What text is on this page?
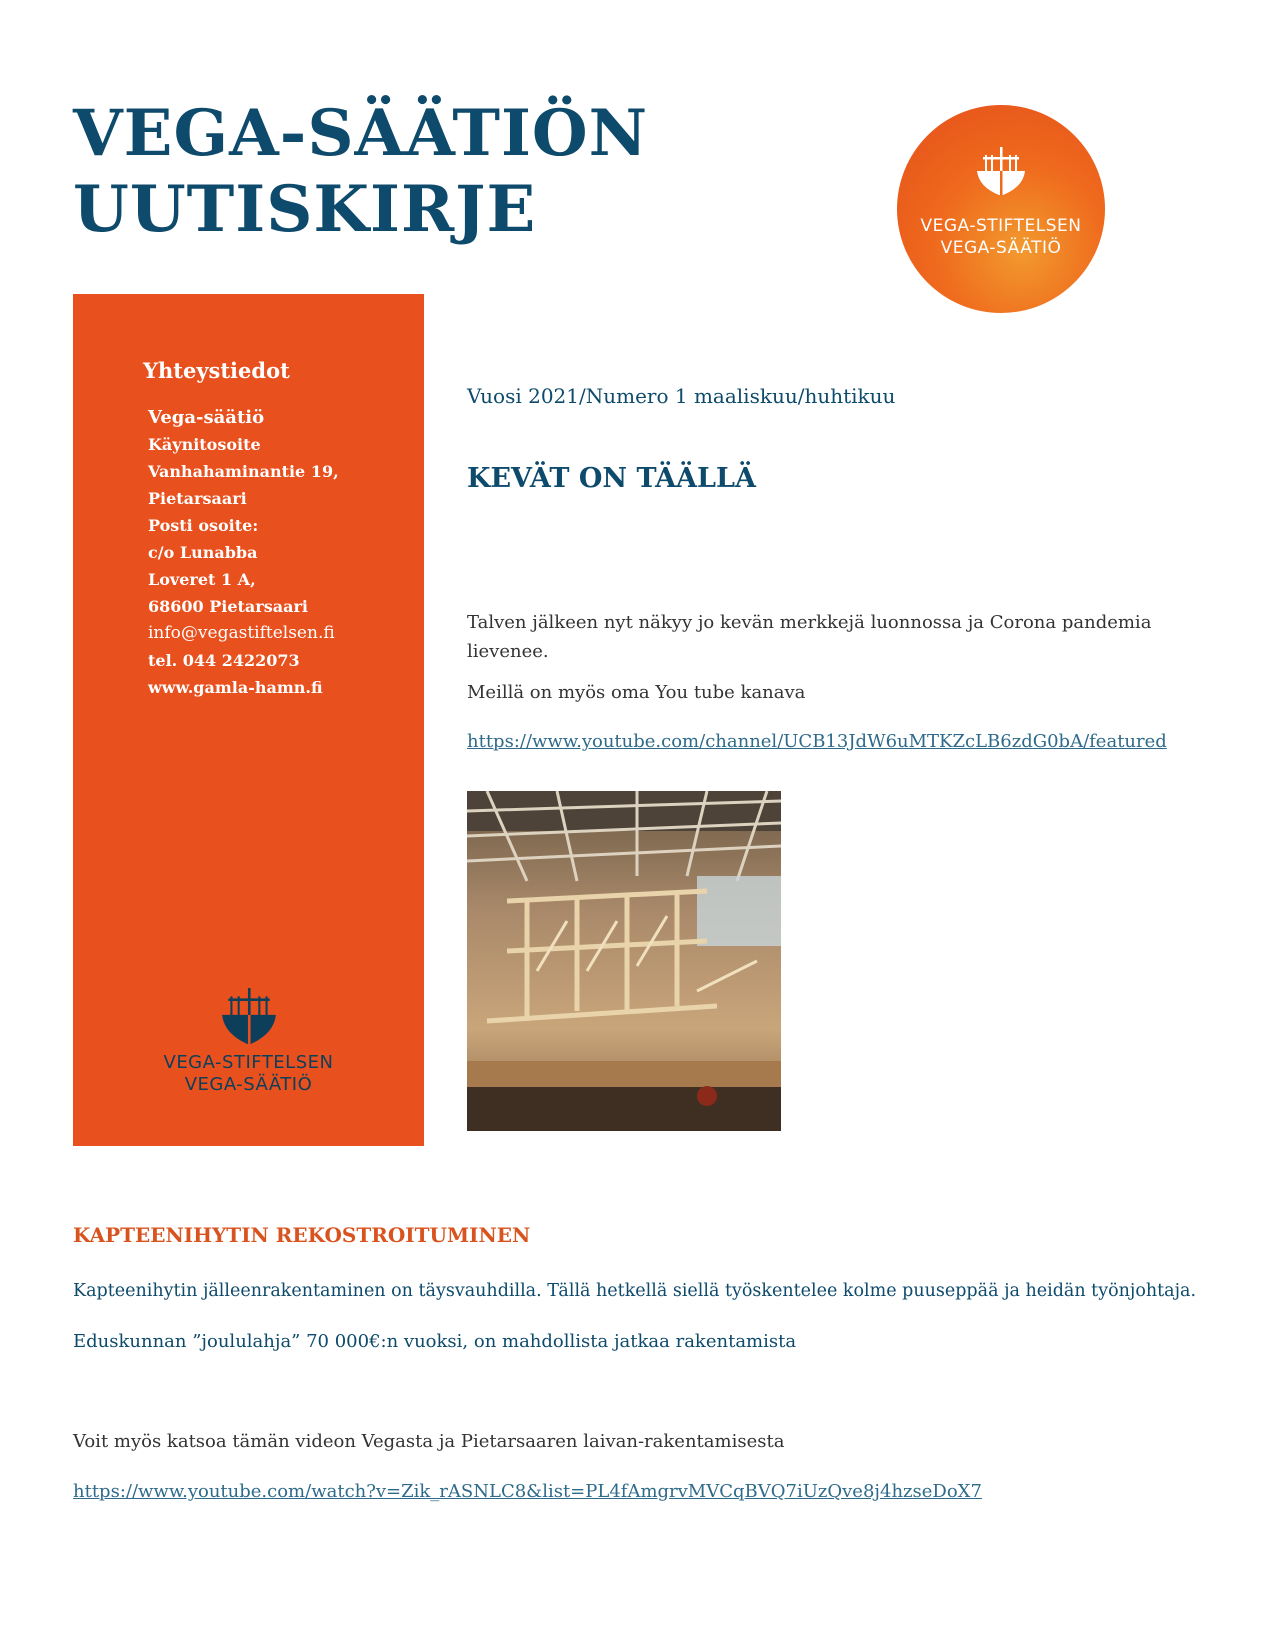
VEGA-SÄÄTIÖN
UUTISKIRJE	VEGA-STIFTELSEN
VEGA-SÄÄTIÖ
Yhteystiedot
Vega-säätiö
Käynitosoite
Vanhahaminantie 19,
Pietarsaari
Posti osoite:
c/o Lunabba
Loveret 1 A,
68600 Pietarsaari
info@vegastiftelsen.fi
tel. 044 2422073
www.gamla-hamn.fi
VEGA-STIFTELSEN
VEGA-SÄÄTIÖ
Vuosi 2021/Numero 1 maaliskuu/huhtikuu
KEVÄT ON TÄÄLLÄ
Talven jälkeen nyt näkyy jo kevän merkkejä luonnossa ja Corona pandemia lievenee.
Meillä on myös oma You tube kanava
https://www.youtube.com/channel/UCB13JdW6uMTKZcLB6zdG0bA/featured
KAPTEENIHYTIN REKOSTROITUMINEN
Kapteenihytin jälleenrakentaminen on täysvauhdilla. Tällä hetkellä siellä työskentelee kolme puuseppää ja heidän työnjohtaja.
Eduskunnan ”joululahja” 70 000€:n vuoksi, on mahdollista jatkaa rakentamista
Voit myös katsoa tämän videon Vegasta ja Pietarsaaren laivan-rakentamisesta
https://www.youtube.com/watch?v=Zik_rASNLC8&list=PL4fAmgrvMVCqBVQ7iUzQve8j4hzseDoX7
